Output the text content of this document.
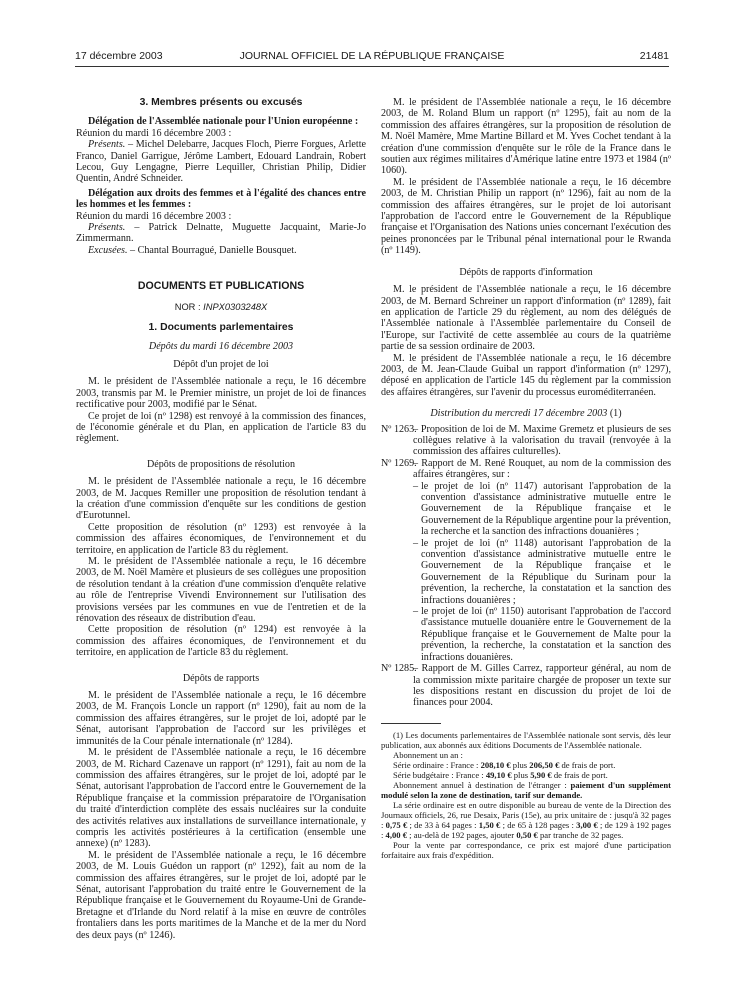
17 décembre 2003	JOURNAL OFFICIEL DE LA RÉPUBLIQUE FRANÇAISE	21481
3. Membres présents ou excusés

Délégation de l'Assemblée nationale pour l'Union européenne :

Réunion du mardi 16 décembre 2003 :

Présents. – Michel Delebarre, Jacques Floch, Pierre Forgues, Arlette Franco, Daniel Garrigue, Jérôme Lambert, Edouard Landrain, Robert Lecou, Guy Lengagne, Pierre Lequiller, Christian Philip, Didier Quentin, André Schneider.

Délégation aux droits des femmes et à l'égalité des chances entre les hommes et les femmes :

Réunion du mardi 16 décembre 2003 :

Présents. – Patrick Delnatte, Muguette Jacquaint, Marie-Jo Zimmermann.

Excusées. – Chantal Bourragué, Danielle Bousquet.

DOCUMENTS ET PUBLICATIONS
NOR : INPX0303248X
1. Documents parlementaires
Dépôts du mardi 16 décembre 2003
Dépôt d'un projet de loi

M. le président de l'Assemblée nationale a reçu, le 16 décembre 2003, transmis par M. le Premier ministre, un projet de loi de finances rectificative pour 2003, modifié par le Sénat.

Ce projet de loi (nº 1298) est renvoyé à la commission des finances, de l'économie générale et du Plan, en application de l'article 83 du règlement.

Dépôts de propositions de résolution

M. le président de l'Assemblée nationale a reçu, le 16 décembre 2003, de M. Jacques Remiller une proposition de résolution tendant à la création d'une commission d'enquête sur les conditions de gestion d'Eurotunnel.

Cette proposition de résolution (nº 1293) est renvoyée à la commission des affaires économiques, de l'environnement et du territoire, en application de l'article 83 du règlement.

M. le président de l'Assemblée nationale a reçu, le 16 décembre 2003, de M. Noël Mamère et plusieurs de ses collègues une proposition de résolution tendant à la création d'une commission d'enquête relative au rôle de l'entreprise Vivendi Environnement sur l'utilisation des provisions versées par les communes en vue de l'entretien et de la rénovation des réseaux de distribution d'eau.

Cette proposition de résolution (nº 1294) est renvoyée à la commission des affaires économiques, de l'environnement et du territoire, en application de l'article 83 du règlement.

Dépôts de rapports

M. le président de l'Assemblée nationale a reçu, le 16 décembre 2003, de M. François Loncle un rapport (nº 1290), fait au nom de la commission des affaires étrangères, sur le projet de loi, adopté par le Sénat, autorisant l'approbation de l'accord sur les privilèges et immunités de la Cour pénale internationale (nº 1284).

M. le président de l'Assemblée nationale a reçu, le 16 décembre 2003, de M. Richard Cazenave un rapport (nº 1291), fait au nom de la commission des affaires étrangères, sur le projet de loi, adopté par le Sénat, autorisant l'approbation de l'accord entre le Gouvernement de la République française et la commission préparatoire de l'Organisation du traité d'interdiction complète des essais nucléaires sur la conduite des activités relatives aux installations de surveillance internationale, y compris les activités postérieures à la certification (ensemble une annexe) (nº 1283).

M. le président de l'Assemblée nationale a reçu, le 16 décembre 2003, de M. Louis Guédon un rapport (nº 1292), fait au nom de la commission des affaires étrangères, sur le projet de loi, adopté par le Sénat, autorisant l'approbation du traité entre le Gouvernement de la République française et le Gouvernement du Royaume-Uni de Grande-Bretagne et d'Irlande du Nord relatif à la mise en œuvre de contrôles frontaliers dans les ports maritimes de la Manche et de la mer du Nord des deux pays (nº 1246).

M. le président de l'Assemblée nationale a reçu, le 16 décembre 2003, de M. Roland Blum un rapport (nº 1295), fait au nom de la commission des affaires étrangères, sur la proposition de résolution de M. Noël Mamère, Mme Martine Billard et M. Yves Cochet tendant à la création d'une commission d'enquête sur le rôle de la France dans le soutien aux régimes militaires d'Amérique latine entre 1973 et 1984 (nº 1060).

M. le président de l'Assemblée nationale a reçu, le 16 décembre 2003, de M. Christian Philip un rapport (nº 1296), fait au nom de la commission des affaires étrangères, sur le projet de loi autorisant l'approbation de l'accord entre le Gouvernement de la République française et l'Organisation des Nations unies concernant l'exécution des peines prononcées par le Tribunal pénal international pour le Rwanda (nº 1149).

Dépôts de rapports d'information

M. le président de l'Assemblée nationale a reçu, le 16 décembre 2003, de M. Bernard Schreiner un rapport d'information (nº 1289), fait en application de l'article 29 du règlement, au nom des délégués de l'Assemblée nationale à l'Assemblée parlementaire du Conseil de l'Europe, sur l'activité de cette assemblée au cours de la quatrième partie de sa session ordinaire de 2003.

M. le président de l'Assemblée nationale a reçu, le 16 décembre 2003, de M. Jean-Claude Guibal un rapport d'information (nº 1297), déposé en application de l'article 145 du règlement par la commission des affaires étrangères, sur l'avenir du processus euroméditerranéen.

Distribution du mercredi 17 décembre 2003 (1)
Nº 1263.
– Proposition de loi de M. Maxime Gremetz et plusieurs de ses collègues relative à la valorisation du travail (renvoyée à la commission des affaires culturelles).
Nº 1269.
– Rapport de M. René Rouquet, au nom de la commission des affaires étrangères, sur :
– le projet de loi (nº 1147) autorisant l'approbation de la convention d'assistance administrative mutuelle entre le Gouvernement de la République française et le Gouvernement de la République argentine pour la prévention, la recherche et la sanction des infractions douanières ;
– le projet de loi (nº 1148) autorisant l'approbation de la convention d'assistance administrative mutuelle entre le Gouvernement de la République française et le Gouvernement de la République du Surinam pour la prévention, la recherche, la constatation et la sanction des infractions douanières ;
– le projet de loi (nº 1150) autorisant l'approbation de l'accord d'assistance mutuelle douanière entre le Gouvernement de la République française et le Gouvernement de Malte pour la prévention, la recherche, la constatation et la sanction des infractions douanières.
Nº 1285.
– Rapport de M. Gilles Carrez, rapporteur général, au nom de la commission mixte paritaire chargée de proposer un texte sur les dispositions restant en discussion du projet de loi de finances pour 2004.

(1) Les documents parlementaires de l'Assemblée nationale sont servis, dès leur publication, aux abonnés aux éditions Documents de l'Assemblée nationale.

Abonnement un an :

Série ordinaire : France : 208,10 € plus 206,50 € de frais de port.

Série budgétaire : France : 49,10 € plus 5,90 € de frais de port.

Abonnement annuel à destination de l'étranger : paiement d'un supplément modulé selon la zone de destination, tarif sur demande.

La série ordinaire est en outre disponible au bureau de vente de la Direction des Journaux officiels, 26, rue Desaix, Paris (15e), au prix unitaire de : jusqu'à 32 pages : 0,75 € ; de 33 à 64 pages : 1,50 € ; de 65 à 128 pages : 3,00 € ; de 129 à 192 pages : 4,00 € ; au-delà de 192 pages, ajouter 0,50 € par tranche de 32 pages.

Pour la vente par correspondance, ce prix est majoré d'une participation forfaitaire aux frais d'expédition.
